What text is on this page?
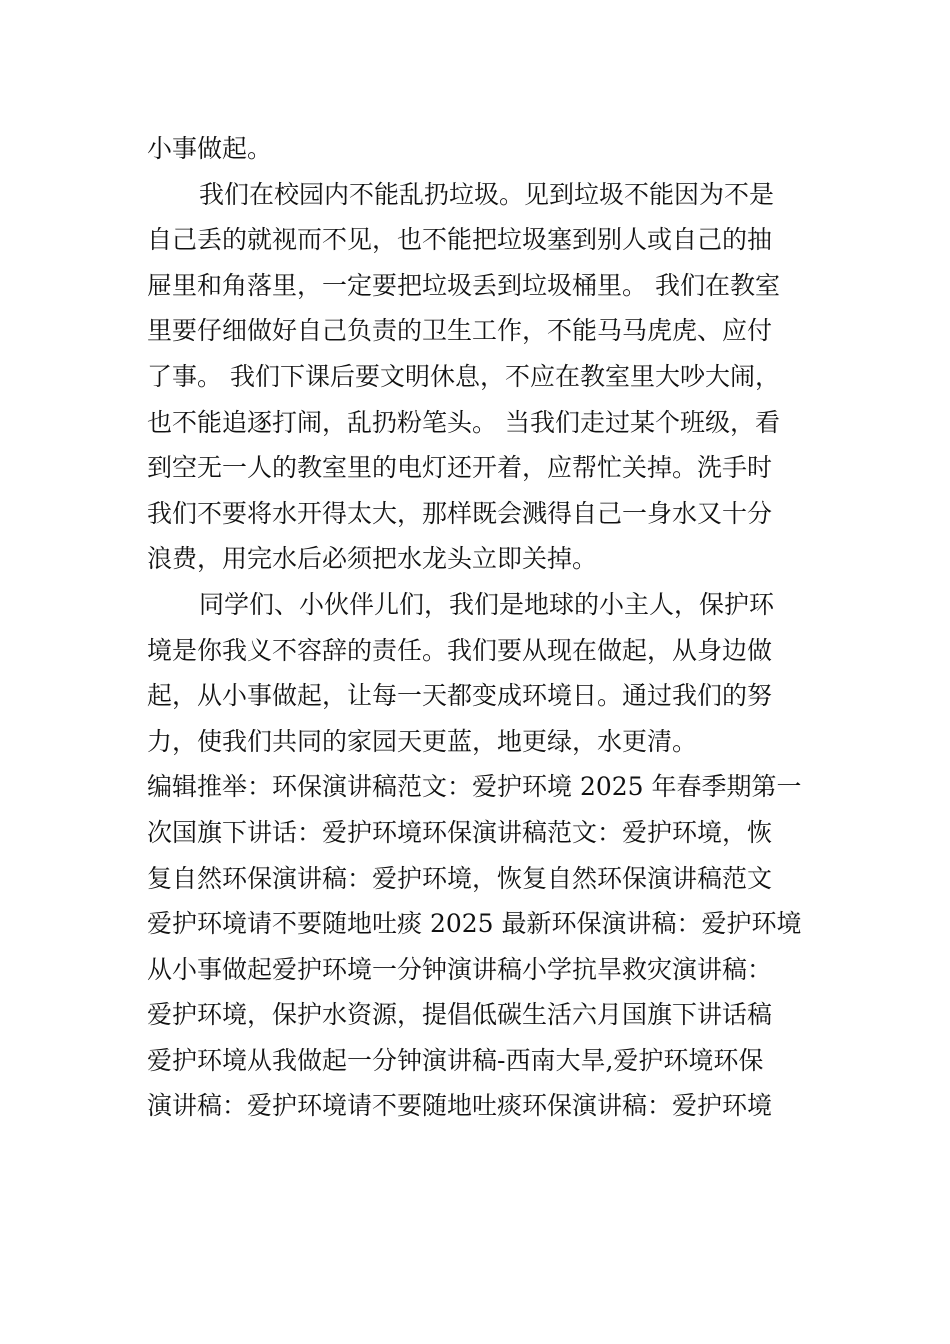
小事做起。
我们在校园内不能乱扔垃圾。见到垃圾不能因为不是
自己丢的就视而不见，也不能把垃圾塞到别人或自己的抽
屉里和角落里，一定要把垃圾丢到垃圾桶里。 我们在教室
里要仔细做好自己负责的卫生工作，不能马马虎虎、应付
了事。 我们下课后要文明休息，不应在教室里大吵大闹，
也不能追逐打闹，乱扔粉笔头。 当我们走过某个班级，看
到空无一人的教室里的电灯还开着，应帮忙关掉。洗手时
我们不要将水开得太大，那样既会溅得自己一身水又十分
浪费，用完水后必须把水龙头立即关掉。
同学们、小伙伴儿们，我们是地球的小主人，保护环
境是你我义不容辞的责任。我们要从现在做起，从身边做
起，从小事做起，让每一天都变成环境日。通过我们的努
力，使我们共同的家园天更蓝，地更绿，水更清。
编辑推举：环保演讲稿范文：爱护环境 2025 年春季期第一
次国旗下讲话：爱护环境环保演讲稿范文：爱护环境，恢
复自然环保演讲稿：爱护环境，恢复自然环保演讲稿范文
爱护环境请不要随地吐痰 2025 最新环保演讲稿：爱护环境
从小事做起爱护环境一分钟演讲稿小学抗旱救灾演讲稿：
爱护环境，保护水资源，提倡低碳生活六月国旗下讲话稿
爱护环境从我做起一分钟演讲稿-西南大旱,爱护环境环保
演讲稿：爱护环境请不要随地吐痰环保演讲稿：爱护环境
